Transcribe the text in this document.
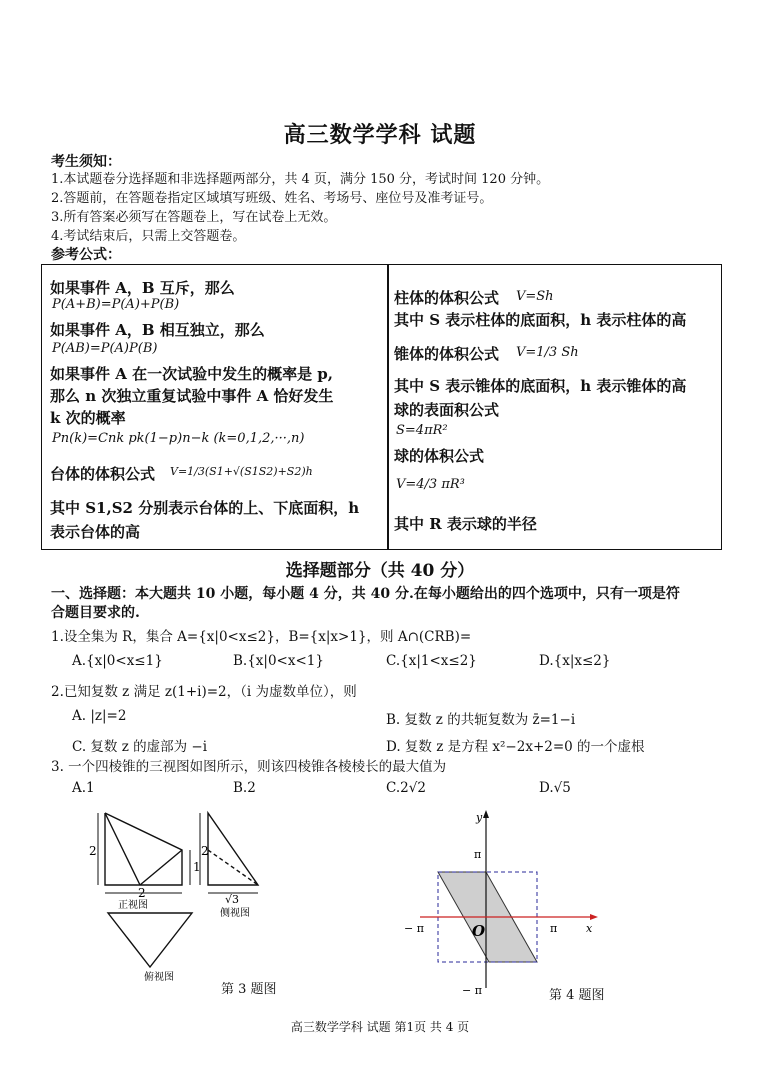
高三数学学科 试题
考生须知：
1.本试题卷分选择题和非选择题两部分，共 4 页，满分 150 分，考试时间 120 分钟。
2.答题前，在答题卷指定区域填写班级、姓名、考场号、座位号及准考证号。
3.所有答案必须写在答题卷上，写在试卷上无效。
4.考试结束后，只需上交答题卷。
参考公式：
如果事件 A，B 互斥，那么
P(A+B)=P(A)+P(B)
如果事件 A，B 相互独立，那么
P(AB)=P(A)P(B)
如果事件 A 在一次试验中发生的概率是 p,
那么 n 次独立重复试验中事件 A 恰好发生
k 次的概率
Pn(k)=Cnk pk(1−p)n−k (k=0,1,2,···,n)
台体的体积公式 V=1/3(S1+√(S1S2)+S2)h
其中 S1,S2 分别表示台体的上、下底面积，h
表示台体的高
柱体的体积公式 V=Sh
其中 S 表示柱体的底面积，h 表示柱体的高
锥体的体积公式 V=1/3 Sh
其中 S 表示锥体的底面积，h 表示锥体的高
球的表面积公式
S=4πR²
球的体积公式
V=4/3 πR³
其中 R 表示球的半径
选择题部分（共 40 分）
一、选择题：本大题共 10 小题，每小题 4 分，共 40 分.在每小题给出的四个选项中，只有一项是符
合题目要求的.
1.设全集为 R，集合 A={x|0<x≤2}，B={x|x>1}，则 A∩(CRB)=
A.{x|0<x≤1}	B.{x|0<x<1}	C.{x|1<x≤2}	D.{x|x≤2}
2.已知复数 z 满足 z(1+i)=2，（i 为虚数单位），则
A. |z|=2	B. 复数 z 的共轭复数为 z̄=1−i
C. 复数 z 的虚部为 −i	D. 复数 z 是方程 x²−2x+2=0 的一个虚根
3. 一个四棱锥的三视图如图所示，则该四棱锥各棱棱长的最大值为
A.1	B.2	C.2√2	D.√5
2
1
2
2
√3
正视图
侧视图
俯视图
第 3 题图
y
x
π
π
− π
− π
O
第 4 题图
高三数学学科 试题 第1页 共 4 页
